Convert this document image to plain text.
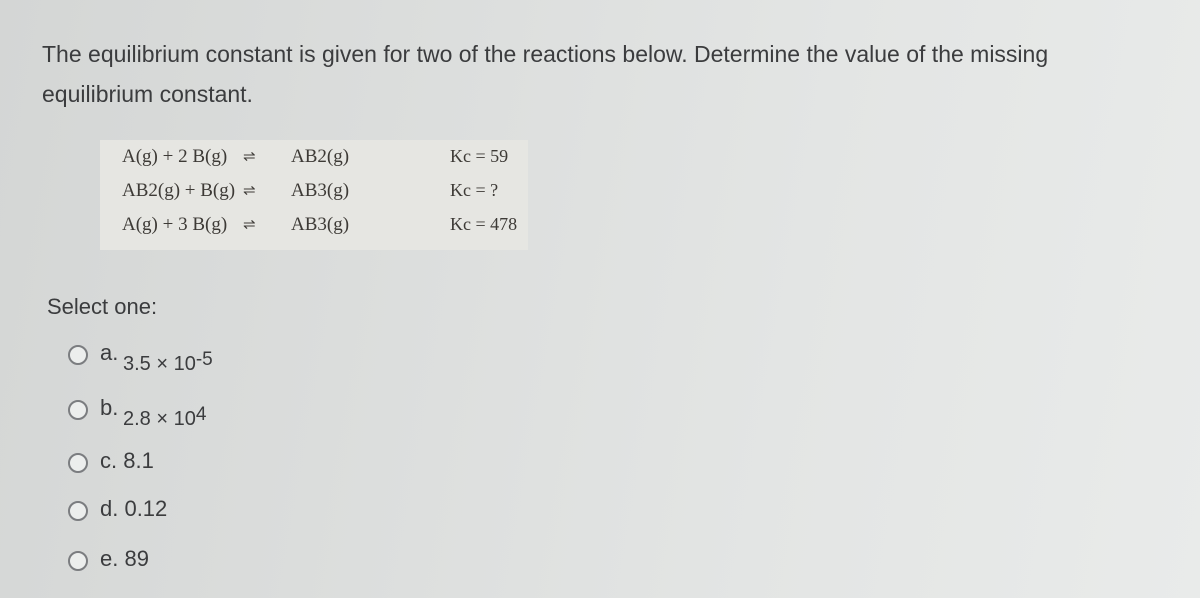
The equilibrium constant is given for two of the reactions below. Determine the value of the missing
equilibrium constant.
A(g) + 2 B(g) ⇌ AB2(g)	Kc = 59
AB2(g) + B(g) ⇌ AB3(g)	Kc = ?
A(g) + 3 B(g) ⇌ AB3(g)	Kc = 478
Select one:
a. $3.5 \times 10^{-5}$
b. $2.8 \times 10^4$
c. 8.1
d. 0.12
e. 89
